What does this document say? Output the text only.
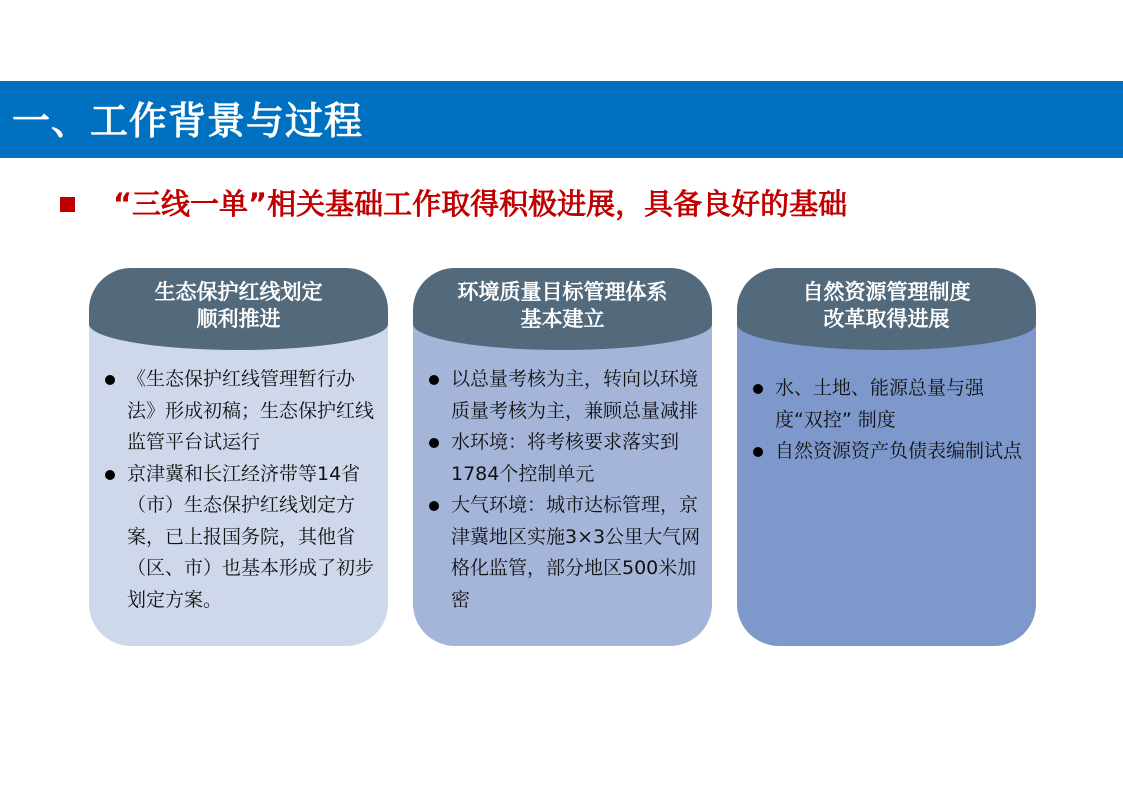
一、工作背景与过程
“三线一单”相关基础工作取得积极进展，具备良好的基础
生态保护红线划定
顺利推进
《生态保护红线管理暂行办法》形成初稿；生态保护红线监管平台试运行
京津冀和长江经济带等14省（市）生态保护红线划定方案，已上报国务院，其他省（区、市）也基本形成了初步划定方案。
环境质量目标管理体系
基本建立
以总量考核为主，转向以环境质量考核为主，兼顾总量减排
水环境：将考核要求落实到1784个控制单元
大气环境：城市达标管理，京津冀地区实施3×3公里大气网格化监管，部分地区500米加密
自然资源管理制度
改革取得进展
水、土地、能源总量与强度“双控” 制度
自然资源资产负债表编制试点
